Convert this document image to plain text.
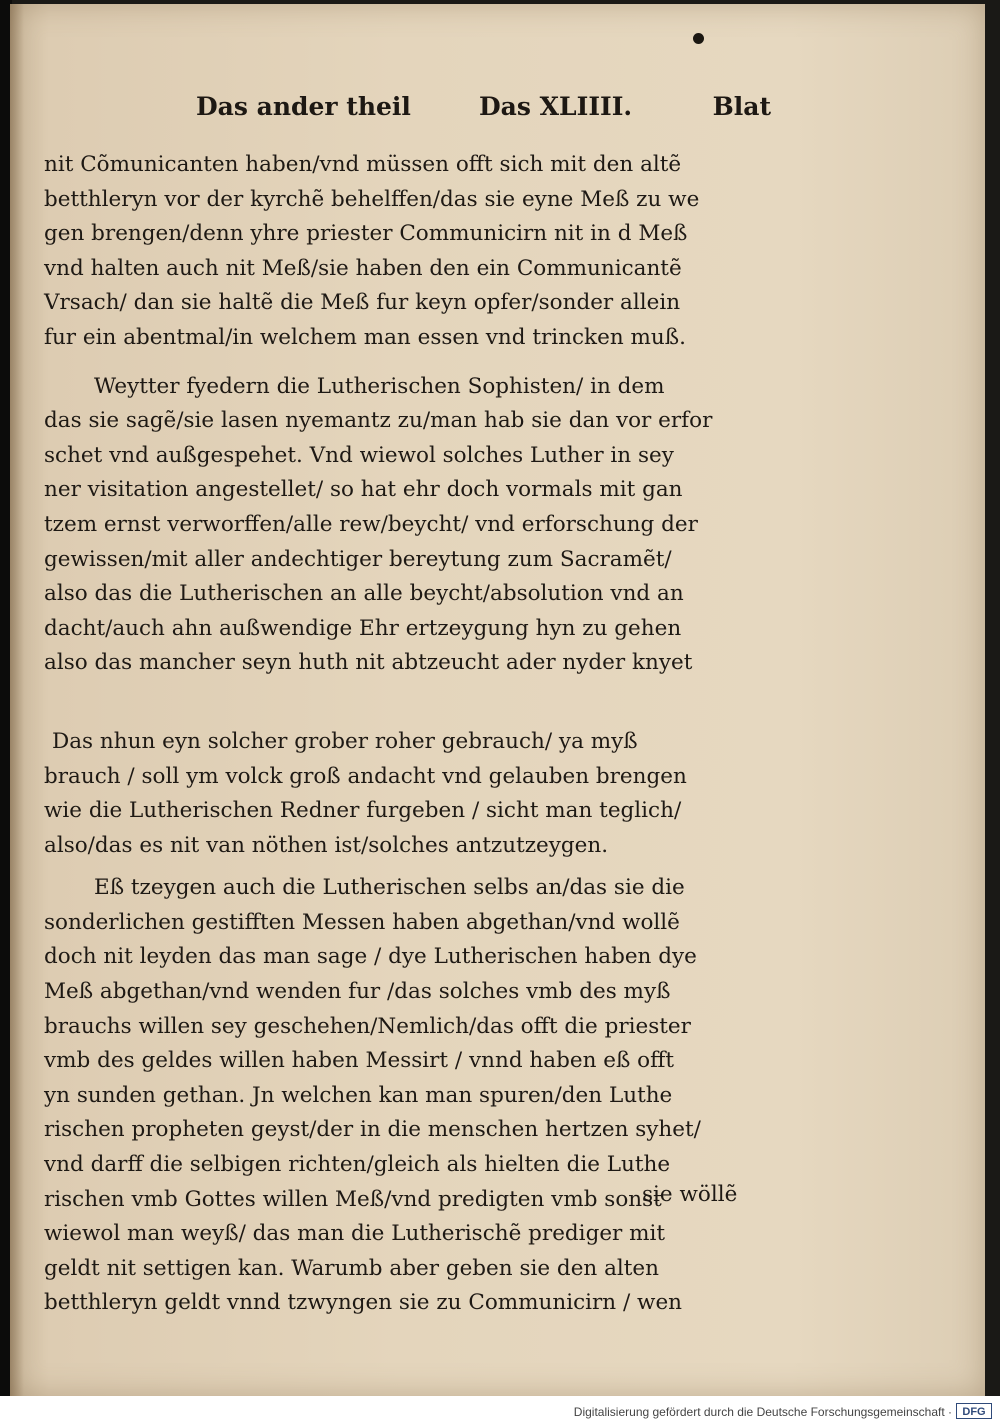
Das ander theil	Das XLIIII.	Blat
nit Cõmunicanten haben/vnd müssen offt sich mit den altẽ
betthleryn vor der kyrchẽ behelffen/das sie eyne Meß zu we
gen brengen/denn yhre priester Communicirn nit in d Meß
vnd halten auch nit Meß/sie haben den ein Communicantẽ
Vrsach/ dan sie haltẽ die Meß fur keyn opfer/sonder allein
fur ein abentmal/in welchem man essen vnd trincken muß.
Weytter fyedern die Lutherischen Sophisten/ in dem
das sie sagẽ/sie lasen nyemantz zu/man hab sie dan vor erfor
schet vnd außgespehet. Vnd wiewol solches Luther in sey
ner visitation angestellet/ so hat ehr doch vormals mit gan
tzem ernst verworffen/alle rew/beycht/ vnd erforschung der
gewissen/mit aller andechtiger bereytung zum Sacramẽt/
also das die Lutherischen an alle beycht/absolution vnd an
dacht/auch ahn außwendige Ehr ertzeygung hyn zu gehen
also das mancher seyn huth nit abtzeucht ader nyder knyet
Das nhun eyn solcher grober roher gebrauch/ ya myß
brauch / soll ym volck groß andacht vnd gelauben brengen
wie die Lutherischen Redner furgeben / sicht man teglich/
also/das es nit van nöthen ist/solches antzutzeygen.
Eß tzeygen auch die Lutherischen selbs an/das sie die
sonderlichen gestifften Messen haben abgethan/vnd wollẽ
doch nit leyden das man sage / dye Lutherischen haben dye
Meß abgethan/vnd wenden fur /das solches vmb des myß
brauchs willen sey geschehen/Nemlich/das offt die priester
vmb des geldes willen haben Messirt / vnnd haben eß offt
yn sunden gethan. Jn welchen kan man spuren/den Luthe
rischen propheten geyst/der in die menschen hertzen syhet/
vnd darff die selbigen richten/gleich als hielten die Luthe
rischen vmb Gottes willen Meß/vnd predigten vmb sonst
wiewol man weyß/ das man die Lutherischẽ prediger mit
geldt nit settigen kan. Warumb aber geben sie den alten
betthleryn geldt vnnd tzwyngen sie zu Communicirn / wen
sie wöllẽ
Digitalisierung gefördert durch die Deutsche Forschungsgemeinschaft · DFG
